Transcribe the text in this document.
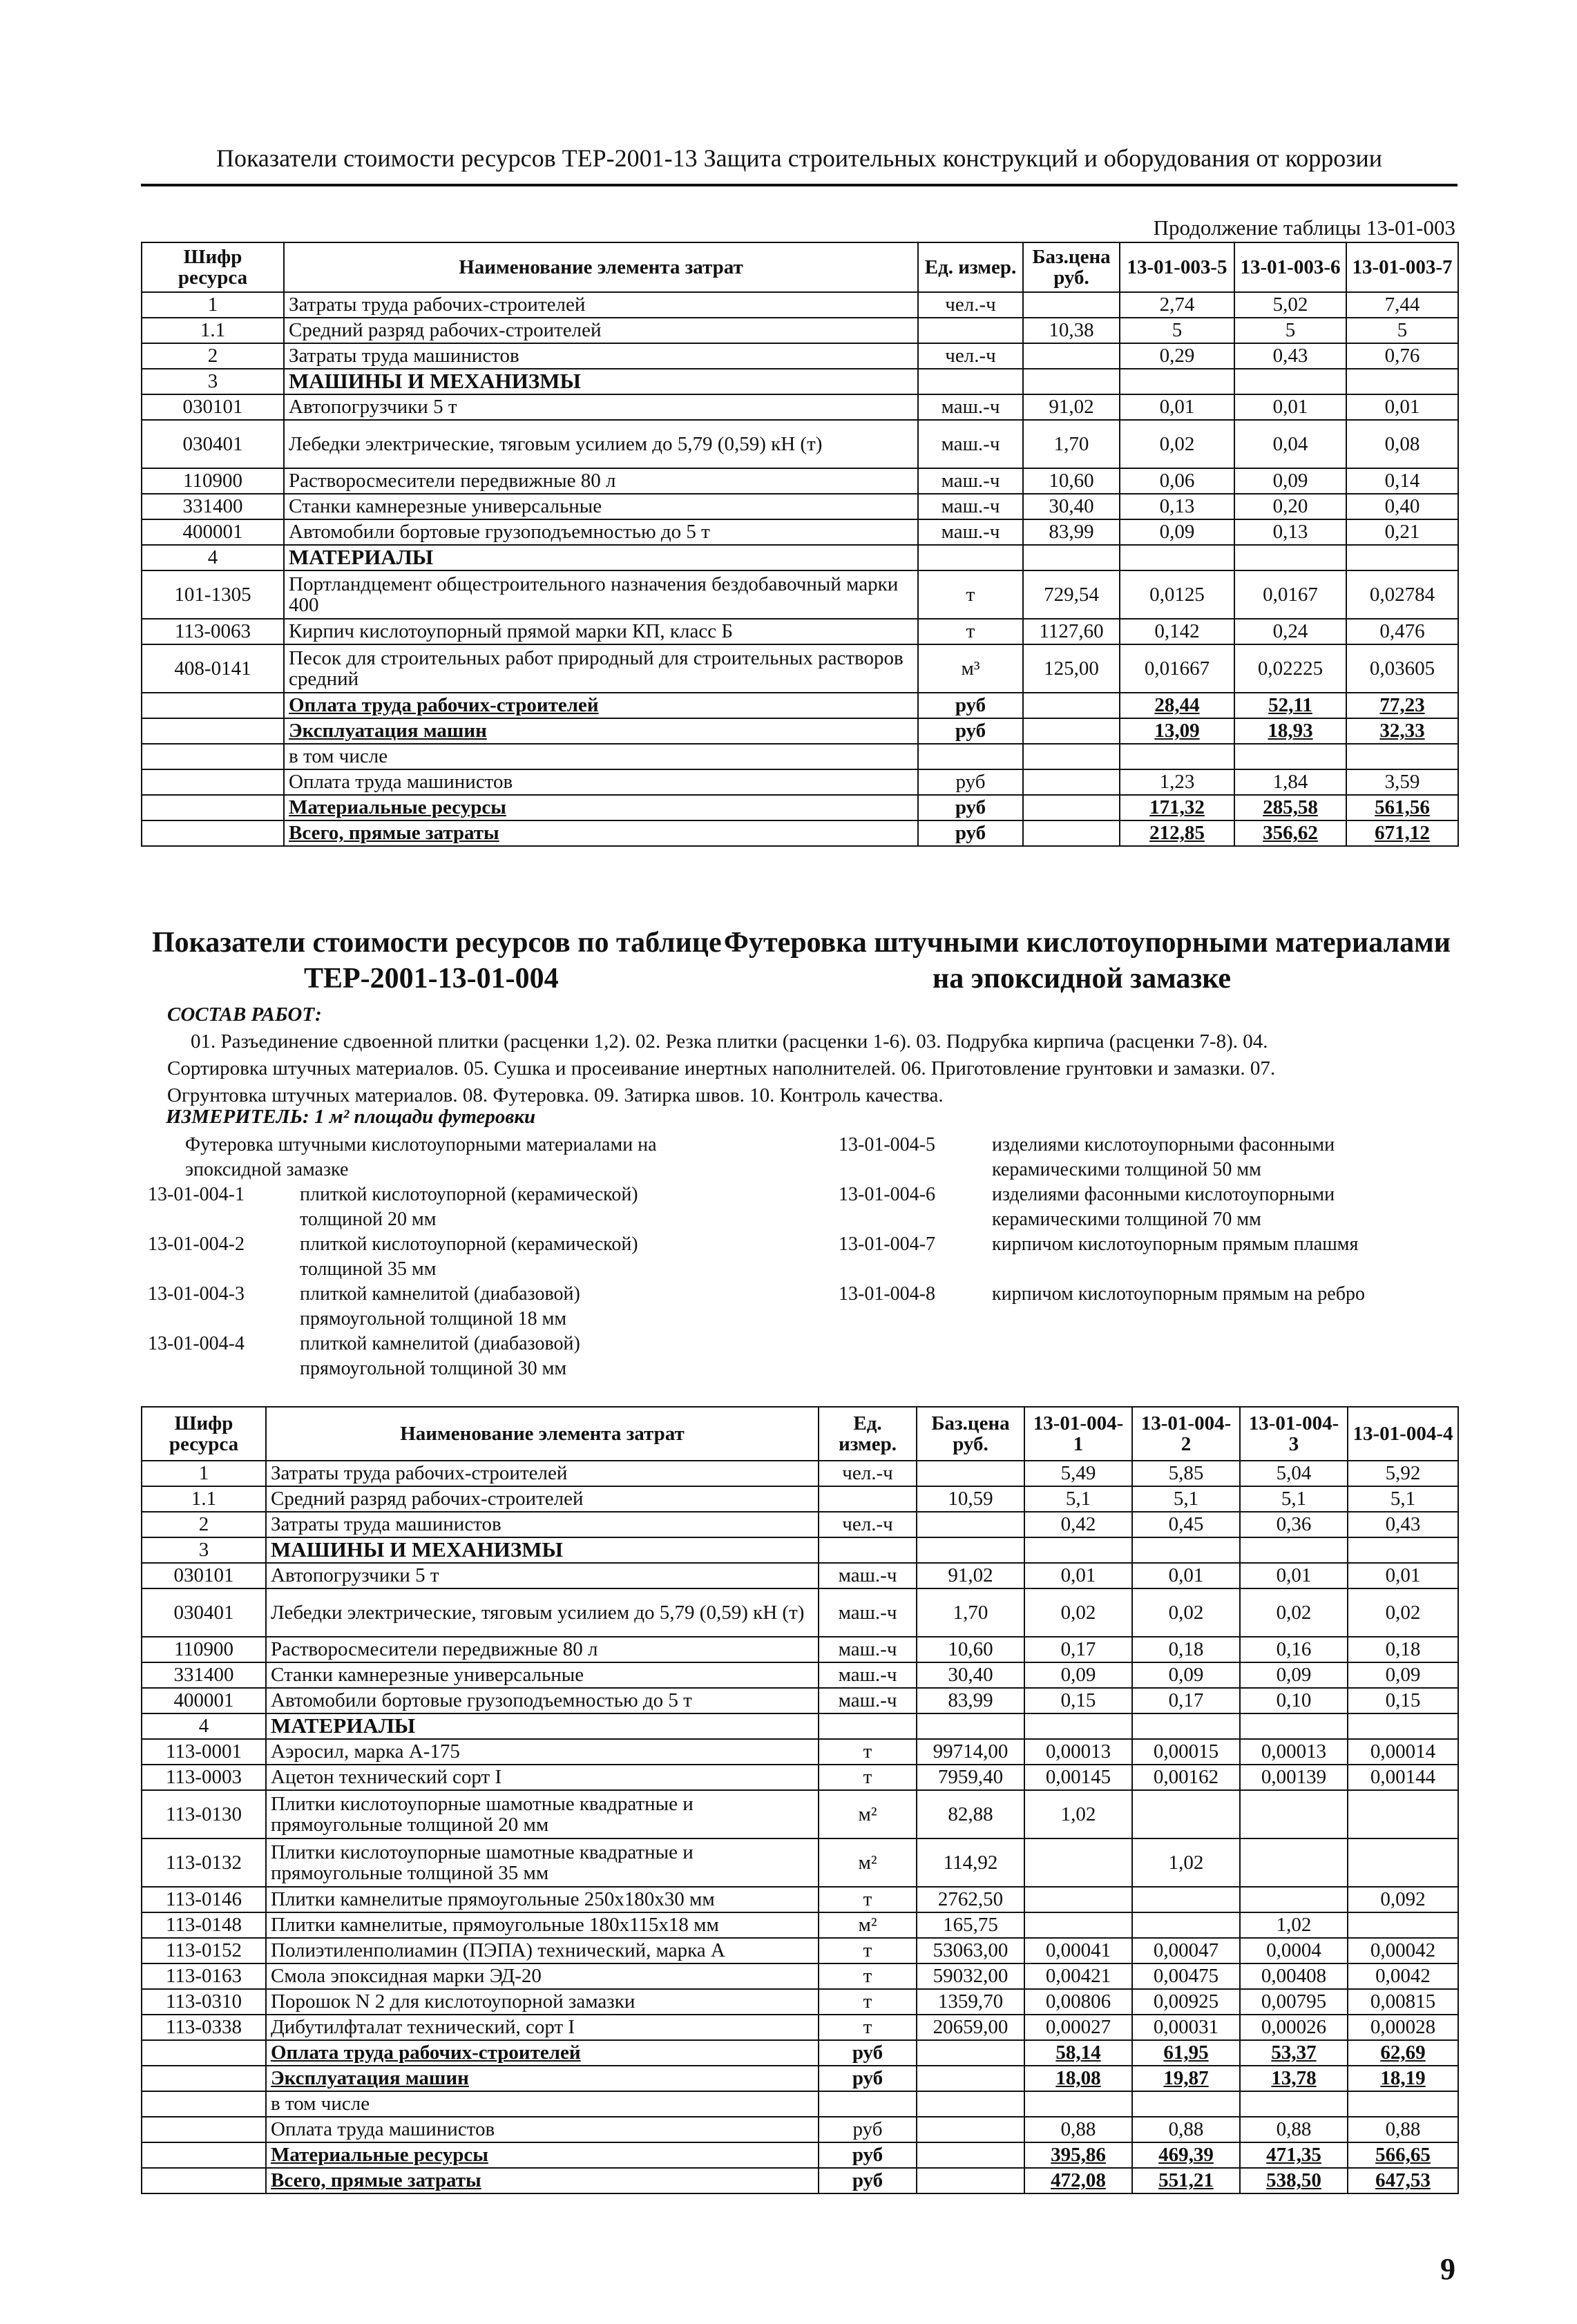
Показатели стоимости ресурсов ТЕР-2001-13 Защита строительных конструкций и оборудования от коррозии
Продолжение таблицы 13-01-003
Шифр ресурса	Наименование элемента затрат	Ед. измер.	Баз.цена руб.	13-01-003-5	13-01-003-6	13-01-003-7
1	Затраты труда рабочих-строителей	чел.-ч		2,74	5,02	7,44
1.1	Средний разряд рабочих-строителей		10,38	5	5	5
2	Затраты труда машинистов	чел.-ч		0,29	0,43	0,76
3	МАШИНЫ И МЕХАНИЗМЫ					
030101	Автопогрузчики 5 т	маш.-ч	91,02	0,01	0,01	0,01
030401	Лебедки электрические, тяговым усилием до 5,79 (0,59) кН (т)	маш.-ч	1,70	0,02	0,04	0,08
110900	Растворосмесители передвижные 80 л	маш.-ч	10,60	0,06	0,09	0,14
331400	Станки камнерезные универсальные	маш.-ч	30,40	0,13	0,20	0,40
400001	Автомобили бортовые грузоподъемностью до 5 т	маш.-ч	83,99	0,09	0,13	0,21
4	МАТЕРИАЛЫ					
101-1305	Портландцемент общестроительного назначения бездобавочный марки 400	т	729,54	0,0125	0,0167	0,02784
113-0063	Кирпич кислотоупорный прямой марки КП, класс Б	т	1127,60	0,142	0,24	0,476
408-0141	Песок для строительных работ природный для строительных растворов средний	м³	125,00	0,01667	0,02225	0,03605
	Оплата труда рабочих-строителей	руб		28,44	52,11	77,23
	Эксплуатация машин	руб		13,09	18,93	32,33
	в том числе					
	Оплата труда машинистов	руб		1,23	1,84	3,59
	Материальные ресурсы	руб		171,32	285,58	561,56
	Всего, прямые затраты	руб		212,85	356,62	671,12
Показатели стоимости ресурсов по таблице
ТЕР-2001-13-01-004
Футеровка штучными кислотоупорными материалами
на эпоксидной замазке
СОСТАВ РАБОТ:
01. Разъединение сдвоенной плитки (расценки 1,2). 02. Резка плитки (расценки 1-6). 03. Подрубка кирпича (расценки 7-8). 04.
Сортировка штучных материалов. 05. Сушка и просеивание инертных наполнителей. 06. Приготовление грунтовки и замазки. 07.
Огрунтовка штучных материалов. 08. Футеровка. 09. Затирка швов. 10. Контроль качества.
ИЗМЕРИТЕЛЬ: 1 м² площади футеровки
Футеровка штучными кислотоупорными материалами на
эпоксидной замазке
13-01-004-1	плиткой кислотоупорной (керамической)
толщиной 20 мм
13-01-004-2	плиткой кислотоупорной (керамической)
толщиной 35 мм
13-01-004-3	плиткой камнелитой (диабазовой)
прямоугольной толщиной 18 мм
13-01-004-4	плиткой камнелитой (диабазовой)
прямоугольной толщиной 30 мм
13-01-004-5	изделиями кислотоупорными фасонными
керамическими толщиной 50 мм
13-01-004-6	изделиями фасонными кислотоупорными
керамическими толщиной 70 мм
13-01-004-7	кирпичом кислотоупорным прямым плашмя
13-01-004-8	кирпичом кислотоупорным прямым на ребро
Шифр ресурса	Наименование элемента затрат	Ед. измер.	Баз.цена руб.	13-01-004-1	13-01-004-2	13-01-004-3	13-01-004-4
1	Затраты труда рабочих-строителей	чел.-ч		5,49	5,85	5,04	5,92
1.1	Средний разряд рабочих-строителей		10,59	5,1	5,1	5,1	5,1
2	Затраты труда машинистов	чел.-ч		0,42	0,45	0,36	0,43
3	МАШИНЫ И МЕХАНИЗМЫ						
030101	Автопогрузчики 5 т	маш.-ч	91,02	0,01	0,01	0,01	0,01
030401	Лебедки электрические, тяговым усилием до 5,79 (0,59) кН (т)	маш.-ч	1,70	0,02	0,02	0,02	0,02
110900	Растворосмесители передвижные 80 л	маш.-ч	10,60	0,17	0,18	0,16	0,18
331400	Станки камнерезные универсальные	маш.-ч	30,40	0,09	0,09	0,09	0,09
400001	Автомобили бортовые грузоподъемностью до 5 т	маш.-ч	83,99	0,15	0,17	0,10	0,15
4	МАТЕРИАЛЫ						
113-0001	Аэросил, марка А-175	т	99714,00	0,00013	0,00015	0,00013	0,00014
113-0003	Ацетон технический сорт I	т	7959,40	0,00145	0,00162	0,00139	0,00144
113-0130	Плитки кислотоупорные шамотные квадратные и прямоугольные толщиной 20 мм	м²	82,88	1,02			
113-0132	Плитки кислотоупорные шамотные квадратные и прямоугольные толщиной 35 мм	м²	114,92		1,02		
113-0146	Плитки камнелитые прямоугольные 250х180х30 мм	т	2762,50				0,092
113-0148	Плитки камнелитые, прямоугольные 180х115х18 мм	м²	165,75			1,02	
113-0152	Полиэтиленполиамин (ПЭПА) технический, марка А	т	53063,00	0,00041	0,00047	0,0004	0,00042
113-0163	Смола эпоксидная марки ЭД-20	т	59032,00	0,00421	0,00475	0,00408	0,0042
113-0310	Порошок N 2 для кислотоупорной замазки	т	1359,70	0,00806	0,00925	0,00795	0,00815
113-0338	Дибутилфталат технический, сорт I	т	20659,00	0,00027	0,00031	0,00026	0,00028
	Оплата труда рабочих-строителей	руб		58,14	61,95	53,37	62,69
	Эксплуатация машин	руб		18,08	19,87	13,78	18,19
	в том числе						
	Оплата труда машинистов	руб		0,88	0,88	0,88	0,88
	Материальные ресурсы	руб		395,86	469,39	471,35	566,65
	Всего, прямые затраты	руб		472,08	551,21	538,50	647,53
9
